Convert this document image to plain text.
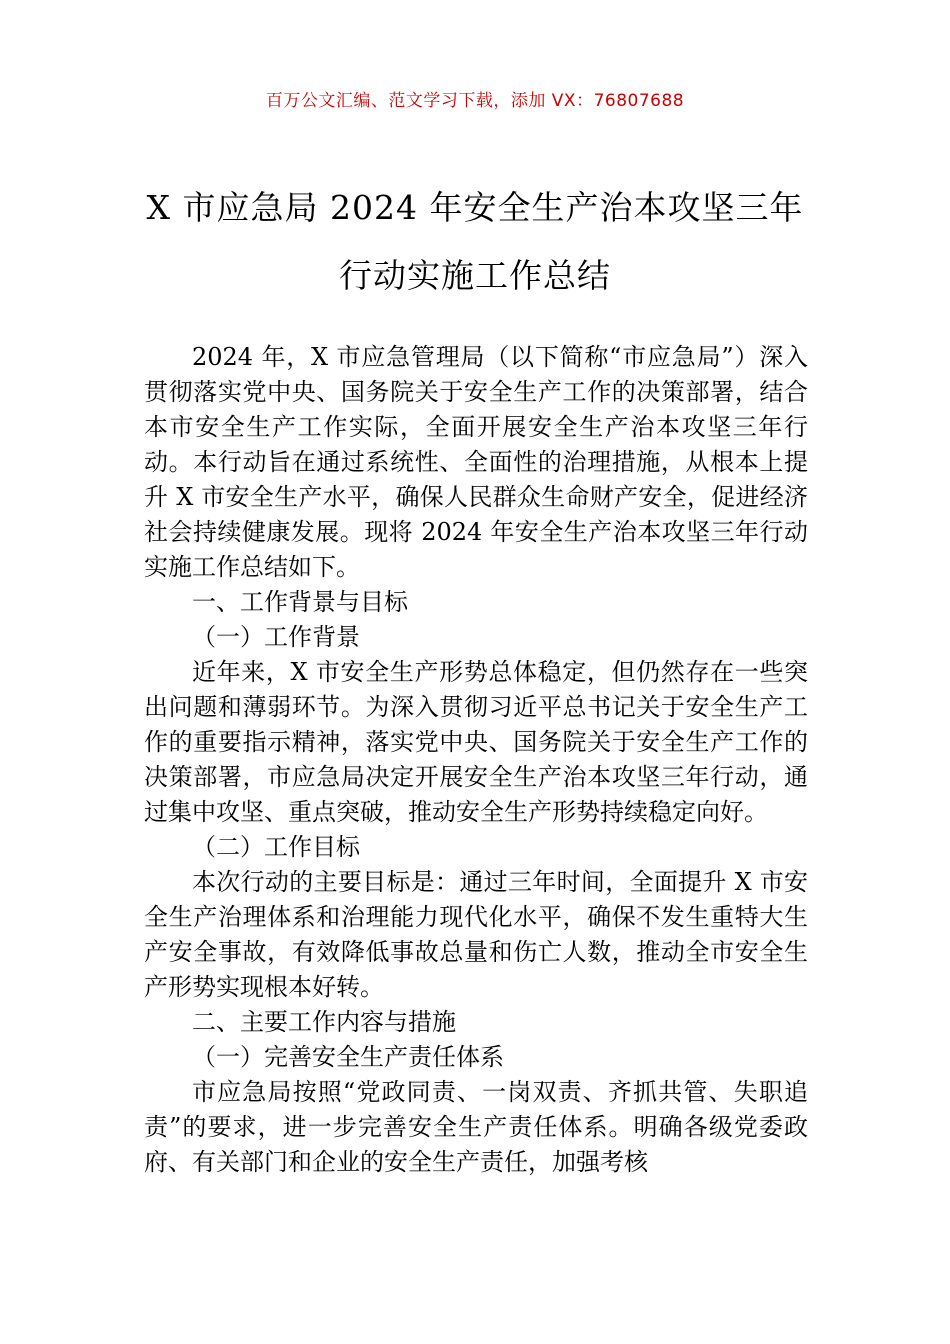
百万公文汇编、范文学习下载，添加 VX：76807688
X 市应急局 2024 年安全生产治本攻坚三年
行动实施工作总结

2024 年，X 市应急管理局（以下简称“市应急局”）深入贯彻落实党中央、国务院关于安全生产工作的决策部署，结合本市安全生产工作实际，全面开展安全生产治本攻坚三年行动。本行动旨在通过系统性、全面性的治理措施，从根本上提升 X 市安全生产水平，确保人民群众生命财产安全，促进经济社会持续健康发展。现将 2024 年安全生产治本攻坚三年行动实施工作总结如下。

一、工作背景与目标

（一）工作背景

近年来，X 市安全生产形势总体稳定，但仍然存在一些突出问题和薄弱环节。为深入贯彻习近平总书记关于安全生产工作的重要指示精神，落实党中央、国务院关于安全生产工作的决策部署，市应急局决定开展安全生产治本攻坚三年行动，通过集中攻坚、重点突破，推动安全生产形势持续稳定向好。

（二）工作目标

本次行动的主要目标是：通过三年时间，全面提升 X 市安全生产治理体系和治理能力现代化水平，确保不发生重特大生产安全事故，有效降低事故总量和伤亡人数，推动全市安全生产形势实现根本好转。

二、主要工作内容与措施

（一）完善安全生产责任体系

市应急局按照“党政同责、一岗双责、齐抓共管、失职追责”的要求，进一步完善安全生产责任体系。明确各级党委政府、有关部门和企业的安全生产责任，加强考核
